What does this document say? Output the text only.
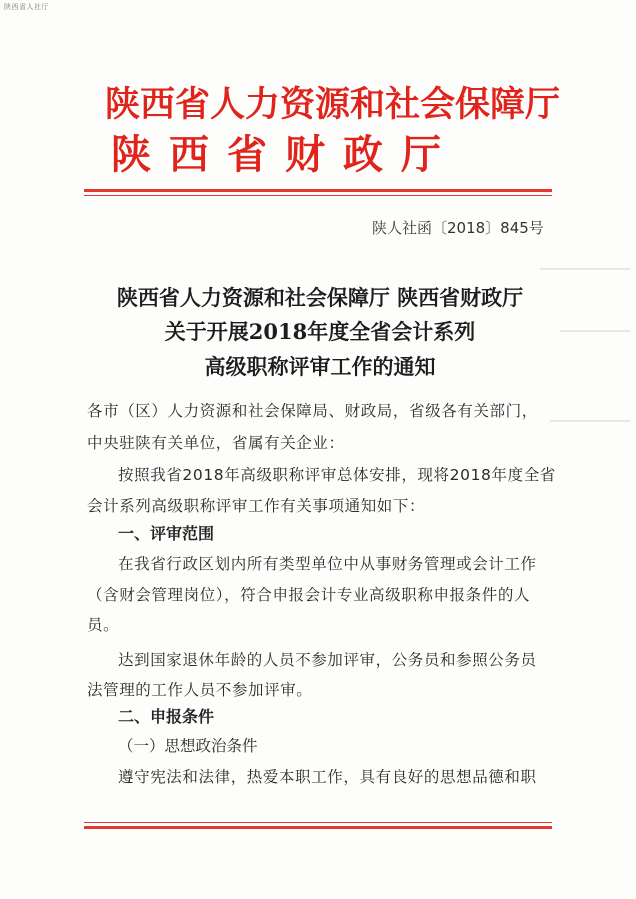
陕西省人社厅
陕西省人力资源和社会保障厅
陕西省财政厅
陕人社函〔2018〕845号
陕西省人力资源和社会保障厅 陕西省财政厅
关于开展2018年度全省会计系列
高级职称评审工作的通知
各市（区）人力资源和社会保障局、财政局，省级各有关部门，
中央驻陕有关单位，省属有关企业：
按照我省2018年高级职称评审总体安排，现将2018年度全省
会计系列高级职称评审工作有关事项通知如下：
一、评审范围
在我省行政区划内所有类型单位中从事财务管理或会计工作
（含财会管理岗位），符合申报会计专业高级职称申报条件的人
员。
达到国家退休年龄的人员不参加评审，公务员和参照公务员
法管理的工作人员不参加评审。
二、申报条件
（一）思想政治条件
遵守宪法和法律，热爱本职工作，具有良好的思想品德和职
